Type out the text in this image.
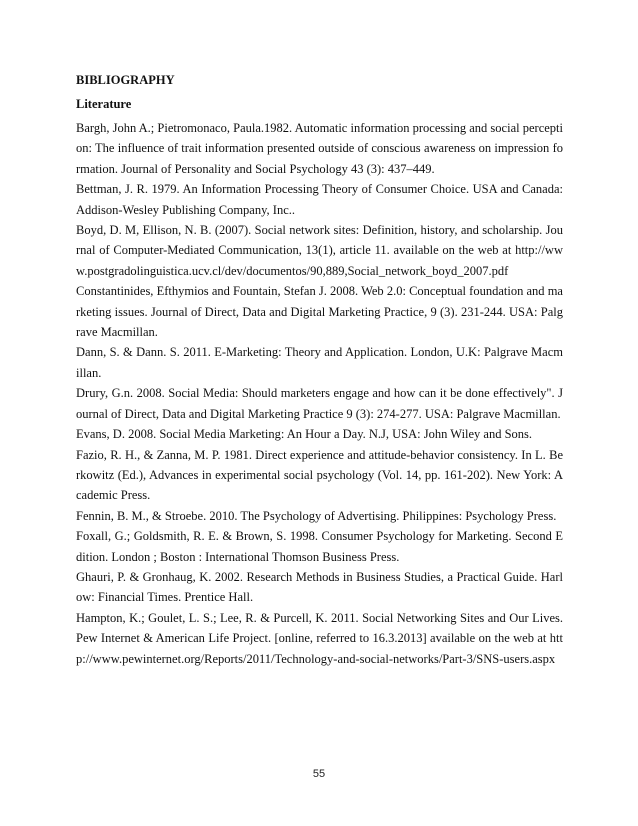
BIBLIOGRAPHY
Literature

Bargh, John A.; Pietromonaco, Paula.1982. Automatic information processing and social perception: The influence of trait information presented outside of conscious awareness on impression formation. Journal of Personality and Social Psychology 43 (3): 437–449.

Bettman, J. R. 1979. An Information Processing Theory of Consumer Choice. USA and Canada: Addison-Wesley Publishing Company, Inc..

Boyd, D. M, Ellison, N. B. (2007). Social network sites: Definition, history, and scholarship. Journal of Computer-Mediated Communication, 13(1), article 11. available on the web at http://www.postgradolinguistica.ucv.cl/dev/documentos/90,889,Social_network_boyd_2007.pdf

Constantinides, Efthymios and Fountain, Stefan J. 2008. Web 2.0: Conceptual foundation and marketing issues. Journal of Direct, Data and Digital Marketing Practice, 9 (3). 231-244. USA: Palgrave Macmillan.

Dann, S. & Dann. S. 2011. E-Marketing: Theory and Application. London, U.K: Palgrave Macmillan.

Drury, G.n. 2008. Social Media: Should marketers engage and how can it be done effectively". Journal of Direct, Data and Digital Marketing Practice 9 (3): 274-277. USA: Palgrave Macmillan.

Evans, D. 2008. Social Media Marketing: An Hour a Day. N.J, USA: John Wiley and Sons.

Fazio, R. H., & Zanna, M. P. 1981. Direct experience and attitude-behavior consistency. In L. Berkowitz (Ed.), Advances in experimental social psychology (Vol. 14, pp. 161-202). New York: Academic Press.

Fennin, B. M., & Stroebe. 2010. The Psychology of Advertising. Philippines: Psychology Press.

Foxall, G.; Goldsmith, R. E. & Brown, S. 1998. Consumer Psychology for Marketing. Second Edition. London ; Boston : International Thomson Business Press.

Ghauri, P. & Gronhaug, K. 2002. Research Methods in Business Studies, a Practical Guide. Harlow: Financial Times. Prentice Hall.

Hampton, K.; Goulet, L. S.; Lee, R. & Purcell, K. 2011. Social Networking Sites and Our Lives. Pew Internet & American Life Project. [online, referred to 16.3.2013] available on the web at http://www.pewinternet.org/Reports/2011/Technology-and-social-networks/Part-3/SNS-users.aspx

55
